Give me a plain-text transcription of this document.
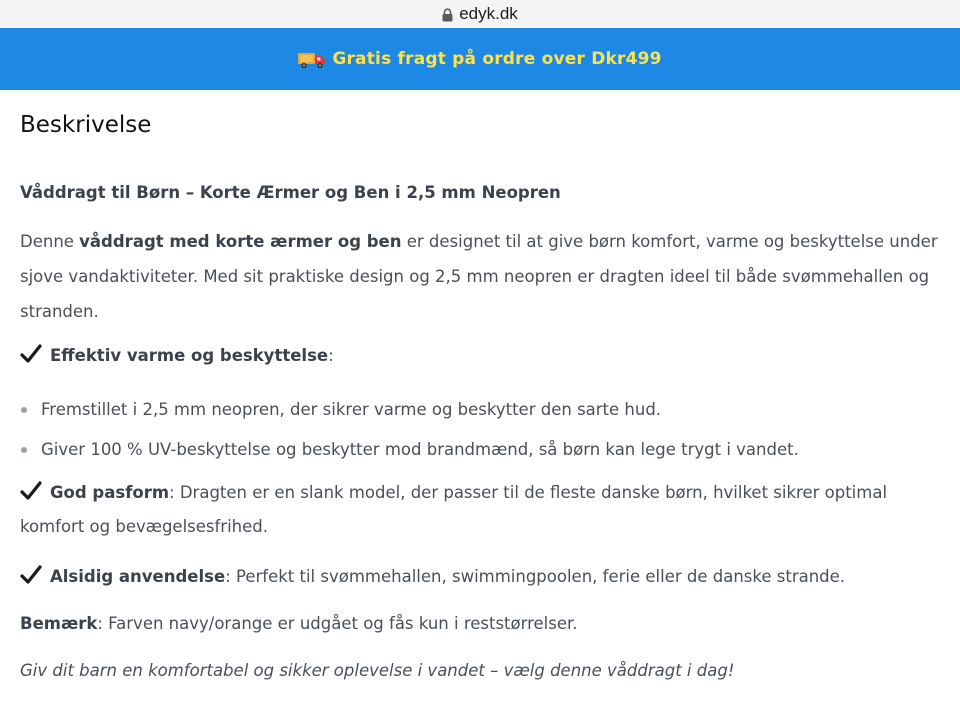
edyk.dk
Gratis fragt på ordre over Dkr499
Beskrivelse
Våddragt til Børn – Korte Ærmer og Ben i 2,5 mm Neopren
Denne våddragt med korte ærmer og ben er designet til at give børn komfort, varme og beskyttelse under sjove vandaktiviteter. Med sit praktiske design og 2,5 mm neopren er dragten ideel til både svømmehallen og stranden.
Effektiv varme og beskyttelse:
Fremstillet i 2,5 mm neopren, der sikrer varme og beskytter den sarte hud.
Giver 100 % UV-beskyttelse og beskytter mod brandmænd, så børn kan lege trygt i vandet.
God pasform: Dragten er en slank model, der passer til de fleste danske børn, hvilket sikrer optimal komfort og bevægelsesfrihed.
Alsidig anvendelse: Perfekt til svømmehallen, swimmingpoolen, ferie eller de danske strande.
Bemærk: Farven navy/orange er udgået og fås kun i reststørrelser.
Giv dit barn en komfortabel og sikker oplevelse i vandet – vælg denne våddragt i dag!
